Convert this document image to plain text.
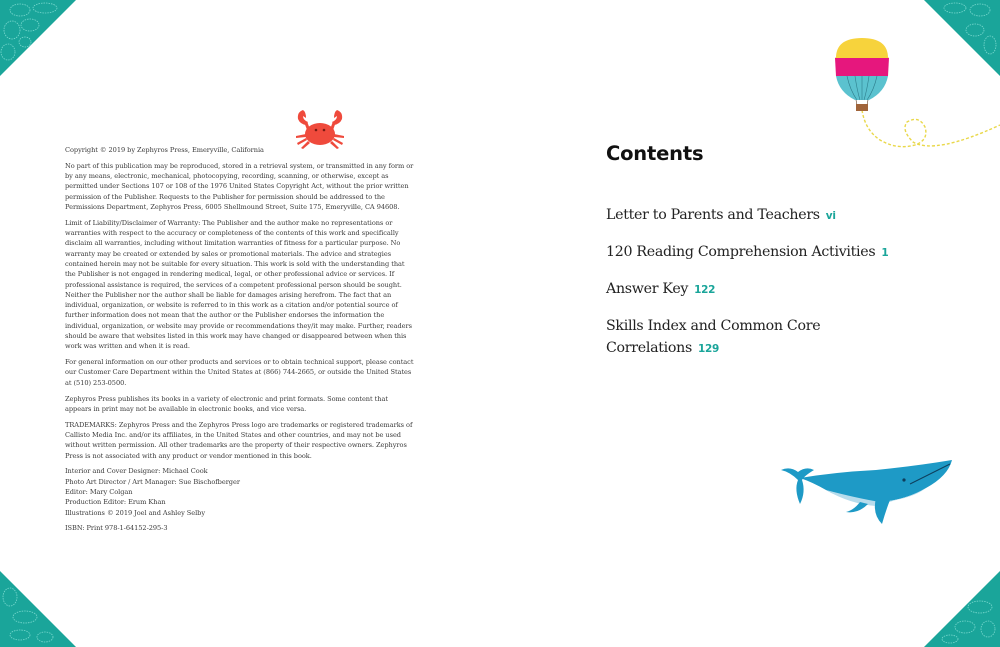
Copyright © 2019 by Zephyros Press, Emeryville, California

No part of this publication may be reproduced, stored in a retrieval system, or transmitted in any form or by any means, electronic, mechanical, photocopying, recording, scanning, or otherwise, except as permitted under Sections 107 or 108 of the 1976 United States Copyright Act, without the prior written permission of the Publisher. Requests to the Publisher for permission should be addressed to the Permissions Department, Zephyros Press, 6005 Shellmound Street, Suite 175, Emeryville, CA 94608.

Limit of Liability/Disclaimer of Warranty: The Publisher and the author make no representations or warranties with respect to the accuracy or completeness of the contents of this work and specifically disclaim all warranties, including without limitation warranties of fitness for a particular purpose. No warranty may be created or extended by sales or promotional materials. The advice and strategies contained herein may not be suitable for every situation. This work is sold with the understanding that the Publisher is not engaged in rendering medical, legal, or other professional advice or services. If professional assistance is required, the services of a competent professional person should be sought. Neither the Publisher nor the author shall be liable for damages arising herefrom. The fact that an individual, organization, or website is referred to in this work as a citation and/or potential source of further information does not mean that the author or the Publisher endorses the information the individual, organization, or website may provide or recommendations they/it may make. Further, readers should be aware that websites listed in this work may have changed or disappeared between when this work was written and when it is read.

For general information on our other products and services or to obtain technical support, please contact our Customer Care Department within the United States at (866) 744-2665, or outside the United States at (510) 253-0500.

Zephyros Press publishes its books in a variety of electronic and print formats. Some content that appears in print may not be available in electronic books, and vice versa.

TRADEMARKS: Zephyros Press and the Zephyros Press logo are trademarks or registered trademarks of Callisto Media Inc. and/or its affiliates, in the United States and other countries, and may not be used without written permission. All other trademarks are the property of their respective owners. Zephyros Press is not associated with any product or vendor mentioned in this book.

Interior and Cover Designer: Michael Cook

Photo Art Director / Art Manager: Sue Bischofberger

Editor: Mary Colgan

Production Editor: Erum Khan

Illustrations © 2019 Joel and Ashley Selby

ISBN: Print 978-1-64152-295-3

Contents
Letter to Parents and Teachers vi
120 Reading Comprehension Activities 1
Answer Key 122
Skills Index and Common Core Correlations 129
